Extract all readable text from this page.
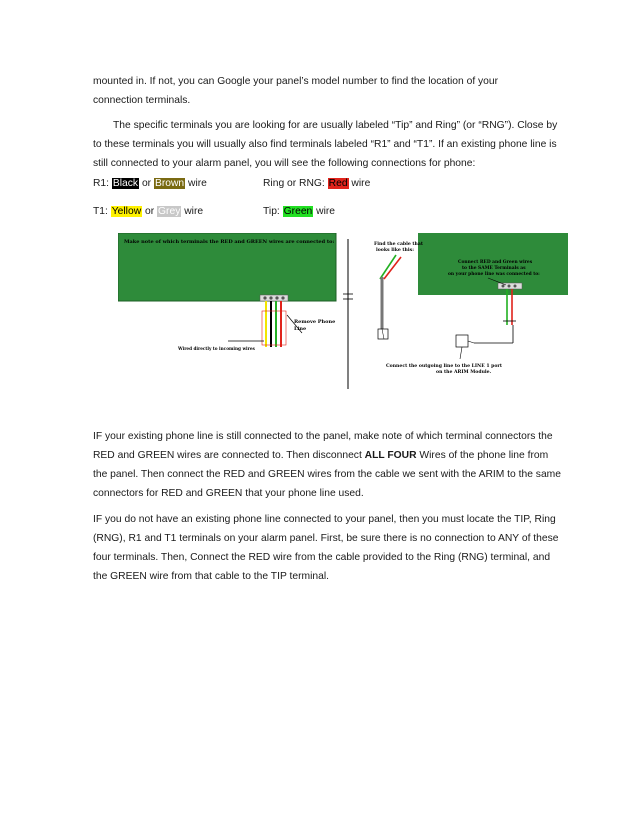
mounted in. If not, you can Google your panel’s model number to find the location of your
connection terminals.

The specific terminals you are looking for are usually labeled “Tip” and Ring” (or “RNG”). Close by to these terminals you will usually also find terminals labeled “R1” and “T1”. If an existing phone line is still connected to your alarm panel, you will see the following connections for phone:

R1: Black or Brown wire	Ring or RNG: Red wire
T1: Yellow or Grey wire	Tip: Green wire
Make note of which terminals the RED and GREEN wires are connected to:
Remove Phone
Line
Wired directly to incoming wires
Find the cable that
looks like this:
Connect RED and Green wires
to the SAME Terminals as
on your phone line was connected to:
Connect the outgoing line to the LINE 1 port
on the ARIM Module.

IF your existing phone line is still connected to the panel, make note of which terminal connectors the RED and GREEN wires are connected to. Then disconnect ALL FOUR Wires of the phone line from the panel. Then connect the RED and GREEN wires from the cable we sent with the ARIM to the same connectors for RED and GREEN that your phone line used.

IF you do not have an existing phone line connected to your panel, then you must locate the TIP, Ring (RNG), R1 and T1 terminals on your alarm panel. First, be sure there is no connection to ANY of these four terminals. Then, Connect the RED wire from the cable provided to the Ring (RNG) terminal, and the GREEN wire from that cable to the TIP terminal.
